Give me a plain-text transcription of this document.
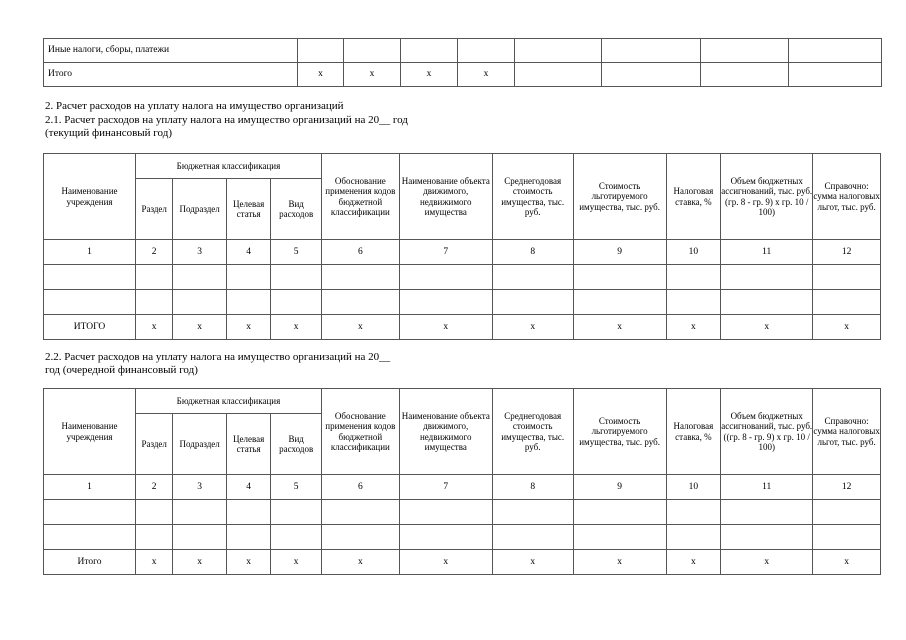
Иные налоги, сборы, платежи								
Итого	x	x	x	x				
2. Расчет расходов на уплату налога на имущество организаций
2.1. Расчет расходов на уплату налога на имущество организаций на 20__ год
(текущий финансовый год)
Наименование учреждения	Бюджетная классификация				Обоснование применения кодов бюджетной классификации	Наименование объекта движимого, недвижимого имущества	Среднегодовая стоимость имущества, тыс. руб.	Стоимость льготируемого имущества, тыс. руб.	Налоговая ставка, %	Объем бюджетных ассигнований, тыс. руб. (гр. 8 - гр. 9) x гр. 10 / 100)	Справочно: сумма налоговых льгот, тыс. руб.
	Раздел	Подраздел	Целевая статья	Вид расходов							
1	2	3	4	5	6	7	8	9	10	11	12

ИТОГО	x	x	x	x	x	x	x	x	x	x	x
2.2. Расчет расходов на уплату налога на имуществo организаций на 20__
год (очередной финансовый год)
Наименование учреждения	Бюджетная классификация				Обоснование применения кодов бюджетной классификации	Наименование объекта движимого, недвижимого имущества	Среднегодовая стоимость имущества, тыс. руб.	Стоимость льготируемого имущества, тыс. руб.	Налоговая ставка, %	Объем бюджетных ассигнований, тыс. руб. ((гр. 8 - гр. 9) x гр. 10 / 100)	Справочно: сумма налоговых льгот, тыс. руб.
	Раздел	Подраздел	Целевая статья	Вид расходов							
1	2	3	4	5	6	7	8	9	10	11	12

Итого	x	x	x	x	x	x	x	x	x	x	x
